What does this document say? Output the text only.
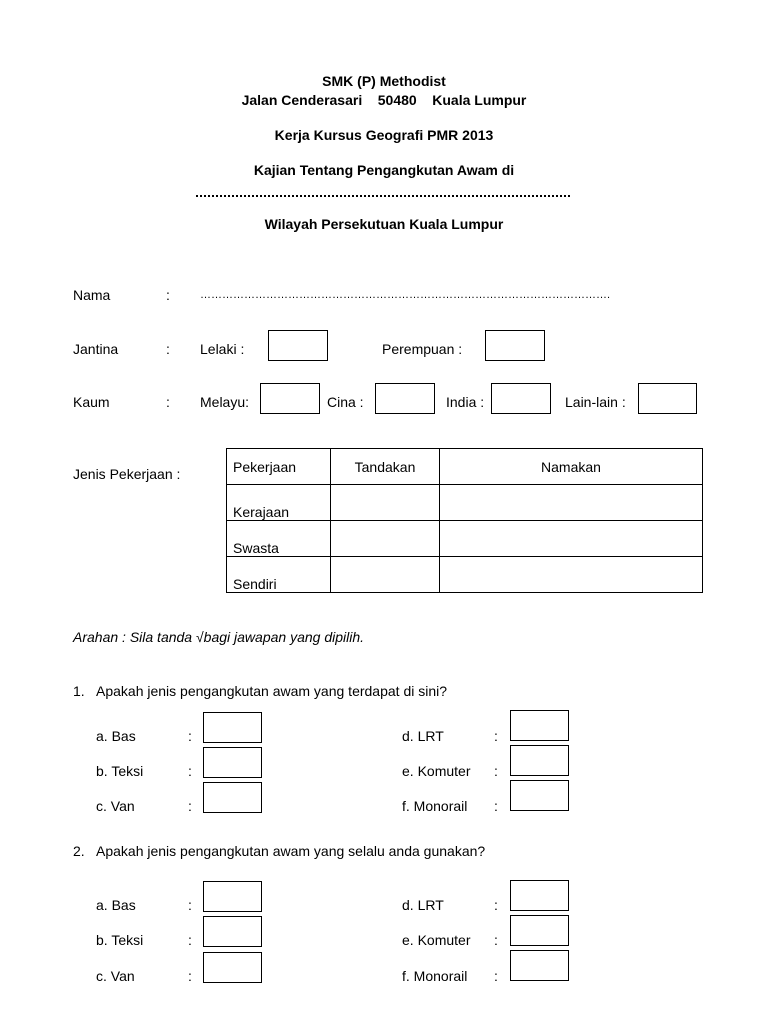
SMK (P) Methodist
Jalan Cenderasari    50480    Kuala Lumpur
Kerja Kursus Geografi PMR 2013
Kajian Tentang Pengangkutan Awam di
Wilayah Persekutuan Kuala Lumpur
Nama	:	………………………………………………………………………………………………….
Jantina	: Lelaki :	Perempuan :
Kaum	: Melayu:	Cina :	India :	Lain-lain :
Jenis Pekerjaan :	Pekerjaan	Tandakan	Namakan
Kerajaan		
Swasta		
Sendiri		
Arahan : Sila tanda √bagi jawapan yang dipilih.
1. Apakah jenis pengangkutan awam yang terdapat di sini?
a. Bas	:
b. Teksi	:
c. Van	:
d. LRT	:
e. Komuter :
f. Monorail :
2. Apakah jenis pengangkutan awam yang selalu anda gunakan?
a. Bas	:
b. Teksi	:
c. Van	:
d. LRT	:
e. Komuter :
f. Monorail :
